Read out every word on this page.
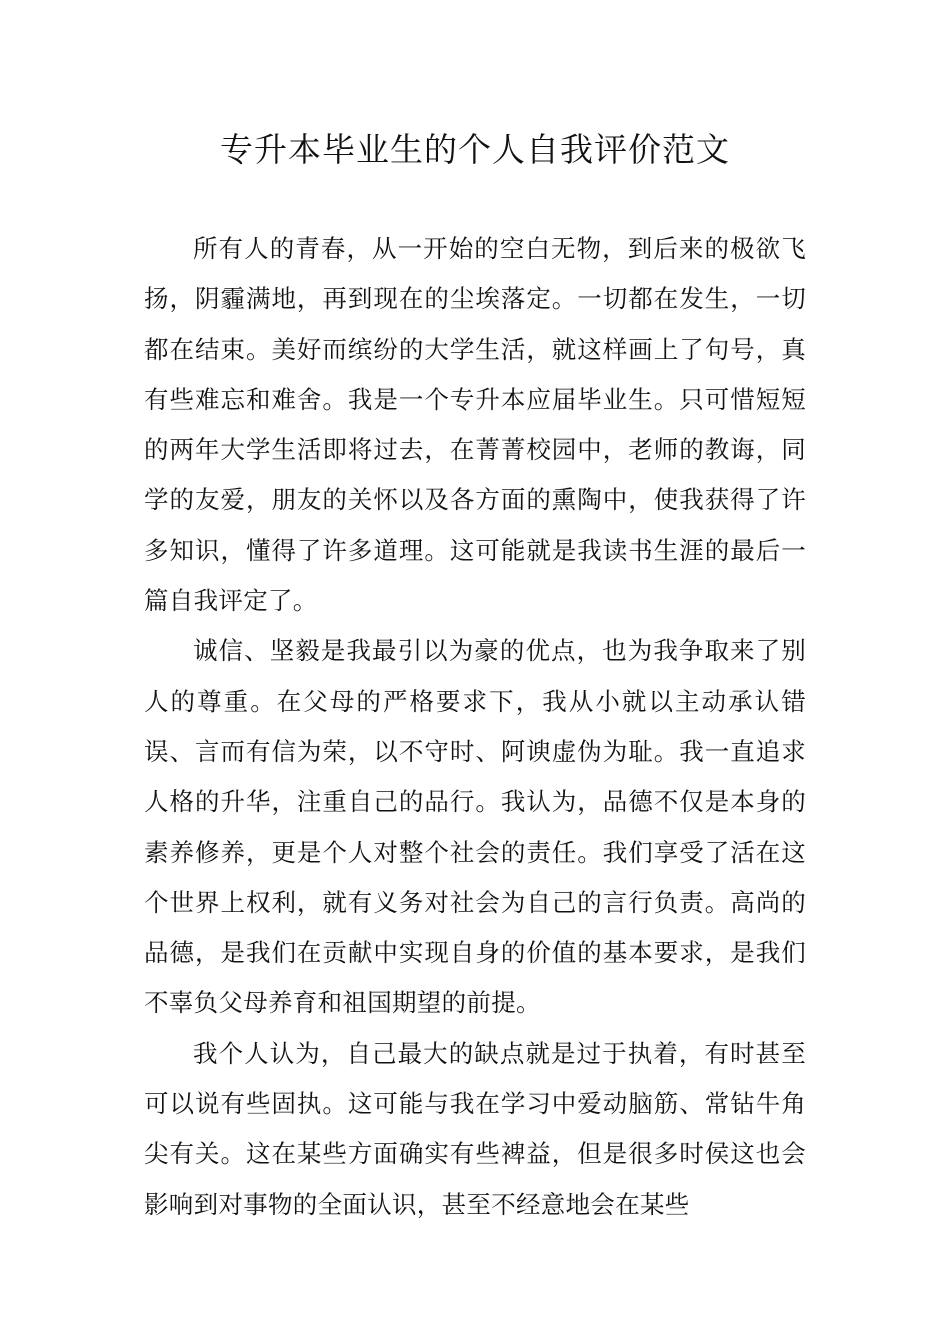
专升本毕业生的个人自我评价范文

所有人的青春，从一开始的空白无物，到后来的极欲飞扬，阴霾满地，再到现在的尘埃落定。一切都在发生，一切都在结束。美好而缤纷的大学生活，就这样画上了句号，真有些难忘和难舍。我是一个专升本应届毕业生。只可惜短短的两年大学生活即将过去，在菁菁校园中，老师的教诲，同学的友爱，朋友的关怀以及各方面的熏陶中，使我获得了许多知识，懂得了许多道理。这可能就是我读书生涯的最后一篇自我评定了。

诚信、坚毅是我最引以为豪的优点，也为我争取来了别人的尊重。在父母的严格要求下，我从小就以主动承认错误、言而有信为荣，以不守时、阿谀虚伪为耻。我一直追求人格的升华，注重自己的品行。我认为，品德不仅是本身的素养修养，更是个人对整个社会的责任。我们享受了活在这个世界上权利，就有义务对社会为自己的言行负责。高尚的品德，是我们在贡献中实现自身的价值的基本要求，是我们不辜负父母养育和祖国期望的前提。

我个人认为，自己最大的缺点就是过于执着，有时甚至可以说有些固执。这可能与我在学习中爱动脑筋、常钻牛角尖有关。这在某些方面确实有些裨益，但是很多时侯这也会影响到对事物的全面认识，甚至不经意地会在某些
